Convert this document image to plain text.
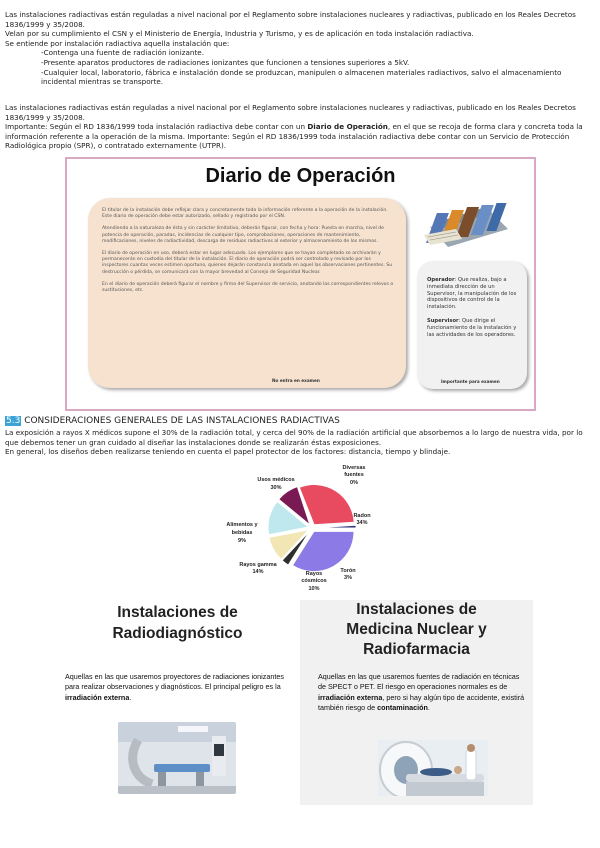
Las instalaciones radiactivas están reguladas a nivel nacional por el Reglamento sobre instalaciones nucleares y radiactivas, publicado en los Reales Decretos 1836/1999 y 35/2008.

Velan por su cumplimiento el CSN y el Ministerio de Energía, Industria y Turismo, y es de aplicación en toda instalación radiactiva.

Se entiende por instalación radiactiva aquella instalación que:

-Contenga una fuente de radiación ionizante.

-Presente aparatos productores de radiaciones ionizantes que funcionen a tensiones superiores a 5kV.

-Cualquier local, laboratorio, fábrica e instalación donde se produzcan, manipulen o almacenen materiales radiactivos, salvo el almacenamiento incidental mientras se transporte.

Las instalaciones radiactivas están reguladas a nivel nacional por el Reglamento sobre instalaciones nucleares y radiactivas, publicado en los Reales Decretos 1836/1999 y 35/2008.

Importante: Según el RD 1836/1999 toda instalación radiactiva debe contar con un Diario de Operación, en el que se recoja de forma clara y concreta toda la información referente a la operación de la misma. Importante: Según el RD 1836/1999 toda instalación radiactiva debe contar con un Servicio de Protección Radiológica propio (SPR), o contratado externamente (UTPR).

Diario de Operación

El titular de la instalación debe reflejar clara y concretamente toda la información referente a la operación de la instalación. Este diario de operación debe estar autorizado, sellado y registrado por el CSN.

Atendiendo a la naturaleza de ésta y sin carácter limitativo, deberán figurar, con fecha y hora: Puesta en marcha, nivel de potencia de operación, paradas, incidencias de cualquier tipo, comprobaciones, operaciones de mantenimiento, modificaciones, niveles de radiactividad, descarga de residuos radiactivos al exterior y almacenamiento de los mismos.

El diario de operación en uso, deberá estar en lugar adecuado. Los ejemplares que se hayan completado se archivarán y permanecerán en custodia del titular de la instalación. El diario de operación podrá ser controlado y revisado por los inspectores cuantas veces estimen oportuno, quienes dejarán constancia anotada en aquel las observaciones pertinentes. Su destrucción o pérdida, se comunicará con la mayor brevedad al Consejo de Seguridad Nuclear.

En el diario de operación deberá figurar el nombre y firma del Supervisor de servicio, anotando las correspondientes relevos o sustituciones, etc.

No entra en examen

Operador: Que realiza, bajo a inmediata dirección de un Supervisor, la manipulación de los dispositivos de control de la instalación.

Supervisor: Que dirige el funcionamiento de la instalación y las actividades de los operadores.

Importante para examen
5.3 CONSIDERACIONES GENERALES DE LAS INSTALACIONES RADIACTIVAS

La exposición a rayos X médicos supone el 30% de la radiación total, y cerca del 90% de la radiación artificial que absorbemos a lo largo de nuestra vida, por lo que debemos tener un gran cuidado al diseñar las instalaciones donde se realizarán éstas exposiciones.

En general, los diseños deben realizarse teniendo en cuenta el papel protector de los factores: distancia, tiempo y blindaje.

Usos médicos
30%
Diversas
fuentes
0%
Radon
34%
Torón
3%
Rayos
cósmicos
10%
Rayos gamma
14%
Alimentos y
bebidas
9%
Instalaciones de
Radiodiagnóstico
Aquellas en las que usaremos proyectores de radiaciones ionizantes para realizar observaciones y diagnósticos. El principal peligro es la irradiación externa.
Instalaciones de
Medicina Nuclear y
Radiofarmacia
Aquellas en las que usaremos fuentes de radiación en técnicas de SPECT o PET. El riesgo en operaciones normales es de irradiación externa, pero si hay algún tipo de accidente, existirá también riesgo de contaminación.
